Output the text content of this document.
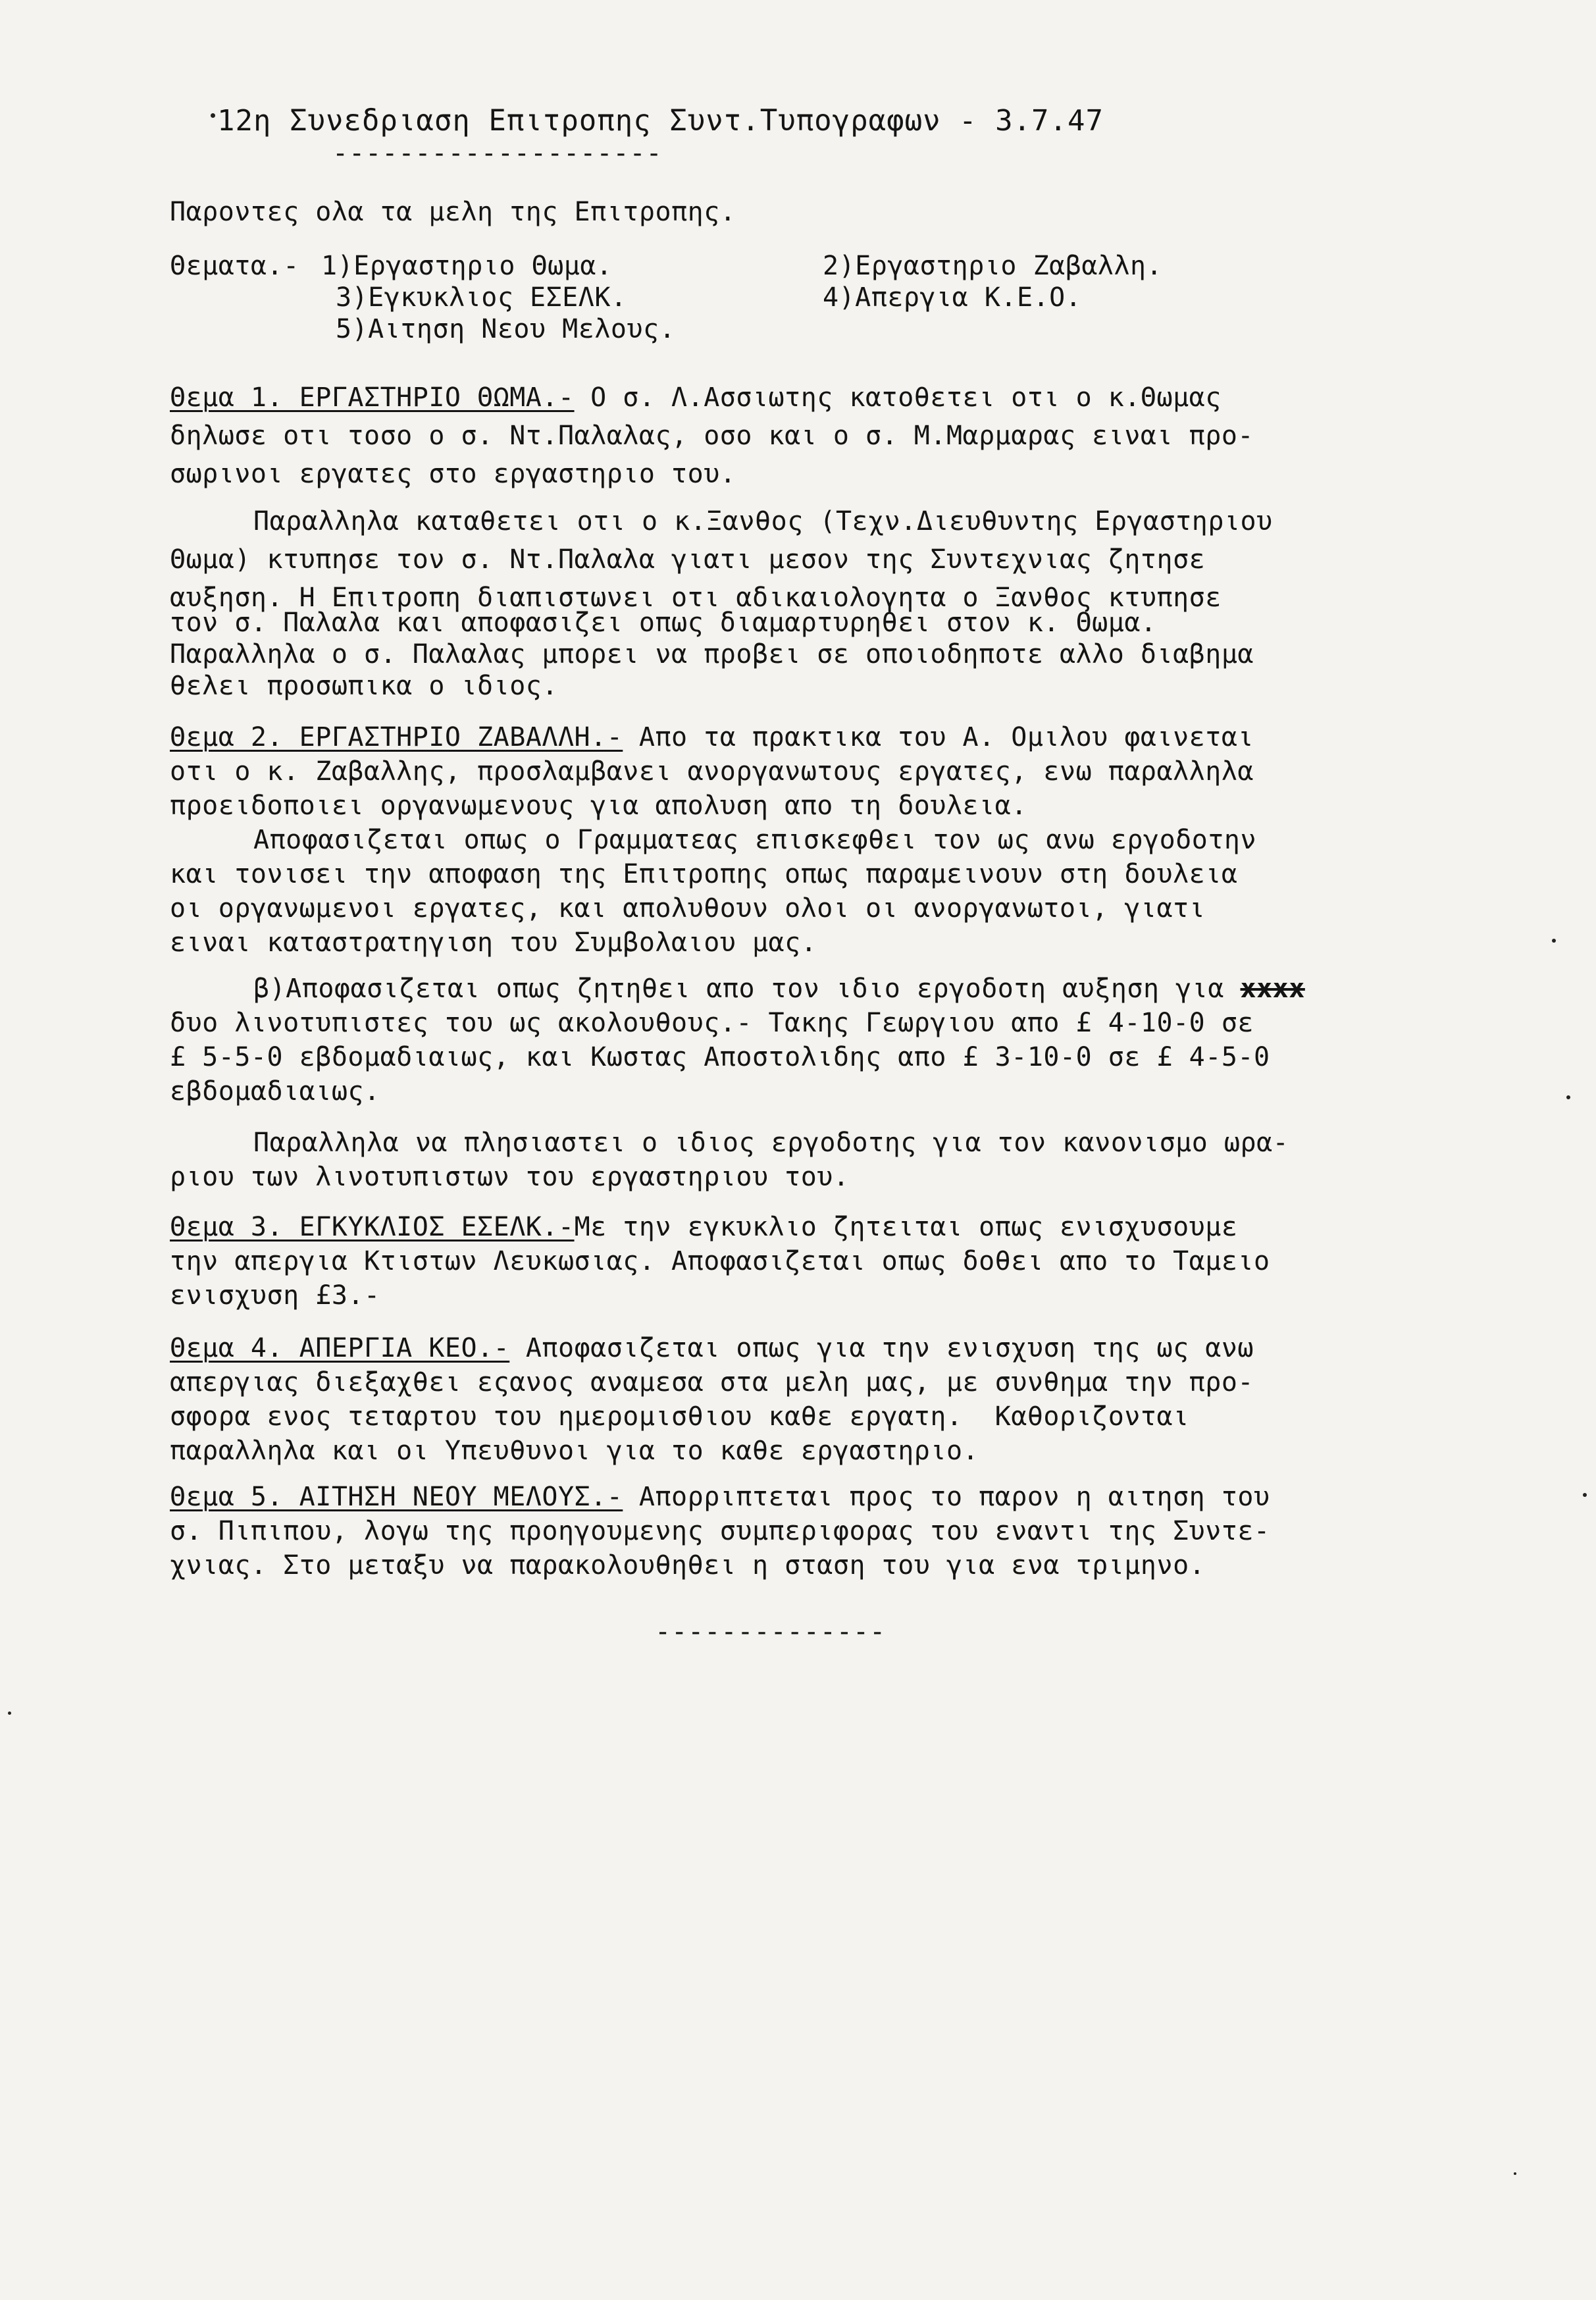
12η Συνεδριαση Επιτροπης Συντ.Τυπογραφων - 3.7.47
--------------------
Παροντες ολα τα μελη της Επιτροπης.
Θεματα.- 1)Εργαστηριο Θωμα.	2)Εργαστηριο Ζαβαλλη.
3)Εγκυκλιος ΕΣΕΛΚ.	4)Απεργια Κ.Ε.Ο.
5)Αιτηση Νεου Μελους.
Θεμα 1. ΕΡΓΑΣΤΗΡΙΟ ΘΩΜΑ.- Ο σ. Λ.Ασσιωτης κατοθετει οτι ο κ.Θωμας
δηλωσε οτι τοσο ο σ. Ντ.Παλαλας, οσο και ο σ. Μ.Μαρμαρας ειναι προ-
σωρινοι εργατες στο εργαστηριο του.
Παραλληλα καταθετει οτι ο κ.Ξανθος (Τεχν.Διευθυντης Εργαστηριου
Θωμα) κτυπησε τον σ. Ντ.Παλαλα γιατι μεσον της Συντεχνιας ζητησε
αυξηση. Η Επιτροπη διαπιστωνει οτι αδικαιολογητα ο Ξανθος κτυπησε
τον σ. Παλαλα και αποφασιζει οπως διαμαρτυρηθει στον κ. Θωμα.
Παραλληλα ο σ. Παλαλας μπορει να προβει σε οποιοδηποτε αλλο διαβημα
θελει προσωπικα ο ιδιος.
Θεμα 2. ΕΡΓΑΣΤΗΡΙΟ ΖΑΒΑΛΛΗ.- Απο τα πρακτικα του Α. Ομιλου φαινεται
οτι ο κ. Ζαβαλλης, προσλαμβανει ανοργανωτους εργατες, ενω παραλληλα
προειδοποιει οργανωμενους για απολυση απο τη δουλεια.
Αποφασιζεται οπως ο Γραμματεας επισκεφθει τον ως ανω εργοδοτην
και τονισει την αποφαση της Επιτροπης οπως παραμεινουν στη δουλεια
οι οργανωμενοι εργατες, και απολυθουν ολοι οι ανοργανωτοι, γιατι
ειναι καταστρατηγιση του Συμβολαιου μας.
β)Αποφασιζεται οπως ζητηθει απο τον ιδιο εργοδοτη αυξηση για xxxx
δυο λινοτυπιστες του ως ακολουθους.- Τακης Γεωργιου απο £ 4-10-0 σε
£ 5-5-0 εβδομαδιαιως, και Κωστας Αποστολιδης απο £ 3-10-0 σε £ 4-5-0
εβδομαδιαιως.
Παραλληλα να πλησιαστει ο ιδιος εργοδοτης για τον κανονισμο ωρα-
ριου των λινοτυπιστων του εργαστηριου του.
Θεμα 3. ΕΓΚΥΚΛΙΟΣ ΕΣΕΛΚ.-Με την εγκυκλιο ζητειται οπως ενισχυσουμε
την απεργια Κτιστων Λευκωσιας. Αποφασιζεται οπως δοθει απο το Ταμειο
ενισχυση £3.-
Θεμα 4. ΑΠΕΡΓΙΑ ΚΕΟ.- Αποφασιζεται οπως για την ενισχυση της ως ανω
απεργιας διεξαχθει εςανος αναμεσα στα μελη μας, με συνθημα την προ-
σφορα ενος τεταρτου του ημερομισθιου καθε εργατη.  Καθοριζονται
παραλληλα και οι Υπευθυνοι για το καθε εργαστηριο.
Θεμα 5. ΑΙΤΗΣΗ ΝΕΟΥ ΜΕΛΟΥΣ.- Απορριπτεται προς το παρον η αιτηση του
σ. Πιπιπου, λογω της προηγουμενης συμπεριφορας του εναντι της Συντε-
χνιας. Στο μεταξυ να παρακολουθηθει η σταση του για ενα τριμηνο.
--------------
